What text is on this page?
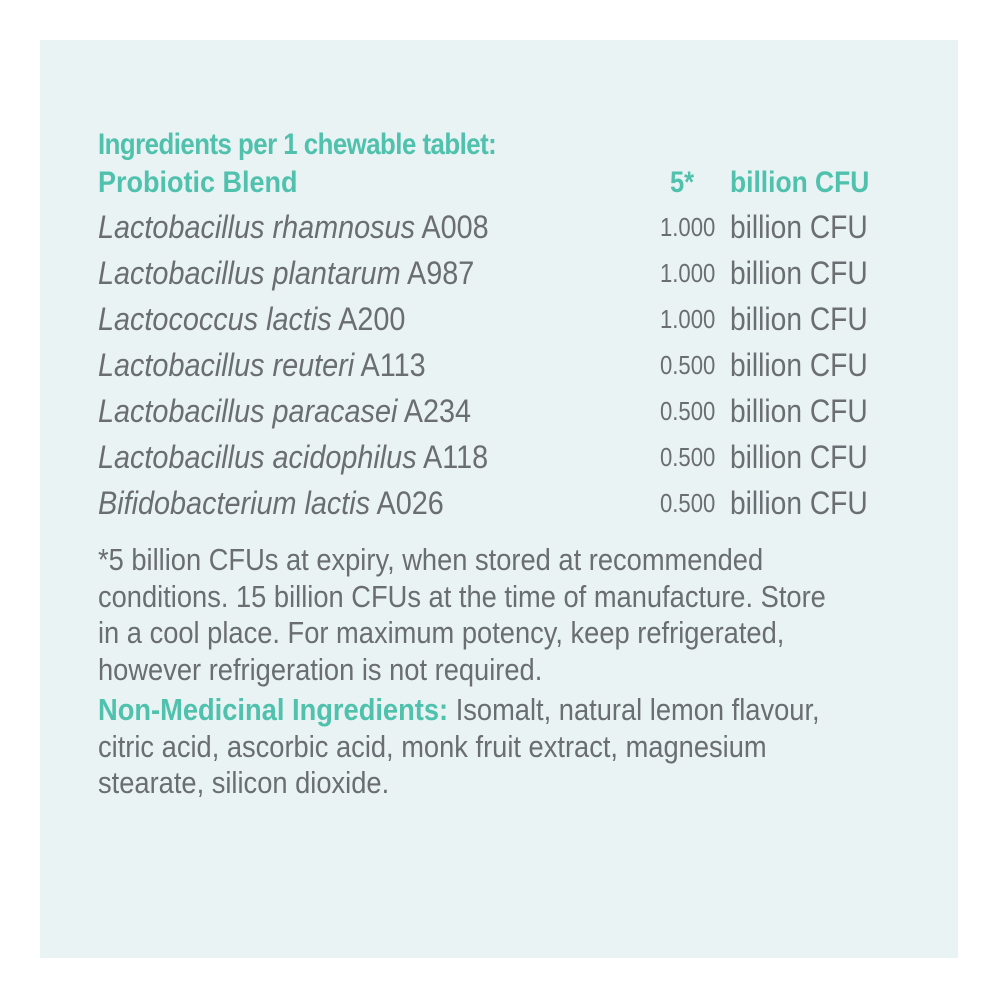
Ingredients per 1 chewable tablet:
Probiotic Blend	5* billion CFU
Lactobacillus rhamnosus A008	1.000 billion CFU
Lactobacillus plantarum A987	1.000 billion CFU
Lactococcus lactis A200	1.000 billion CFU
Lactobacillus reuteri A113	0.500 billion CFU
Lactobacillus paracasei A234	0.500 billion CFU
Lactobacillus acidophilus A118	0.500 billion CFU
Bifidobacterium lactis A026	0.500 billion CFU
*5 billion CFUs at expiry, when stored at recommended
conditions. 15 billion CFUs at the time of manufacture. Store
in a cool place. For maximum potency, keep refrigerated,
however refrigeration is not required.
Non-Medicinal Ingredients: Isomalt, natural lemon flavour,
citric acid, ascorbic acid, monk fruit extract, magnesium
stearate, silicon dioxide.
